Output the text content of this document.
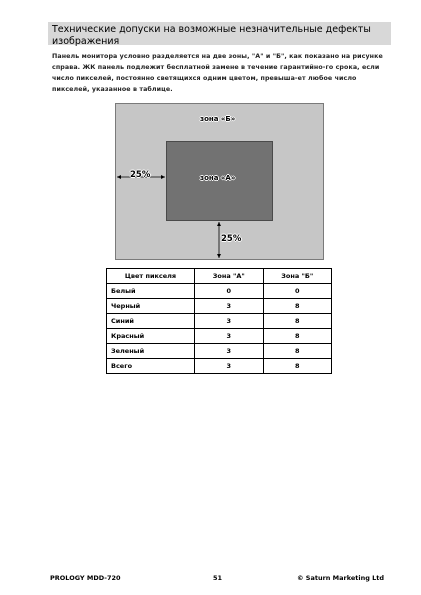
Технические допуски на возможные незначительные дефекты изображения
Панель монитора условно разделяется на две зоны, "А" и "Б", как показано на рисунке справа. ЖК панель подлежит бесплатной замене в течение гарантийно-го срока, если число пикселей, постоянно светящихся одним цветом, превыша-ет любое число пикселей, указанное в таблице.
зона «Б»
зона «А»
25%
25%
Цвет пикселя	Зона "А"	Зона "Б"
Белый	0	0
Черный	3	8
Синий	3	8
Красный	3	8
Зеленый	3	8
Всего	3	8
PROLOGY MDD-720	51	© Saturn Marketing Ltd
